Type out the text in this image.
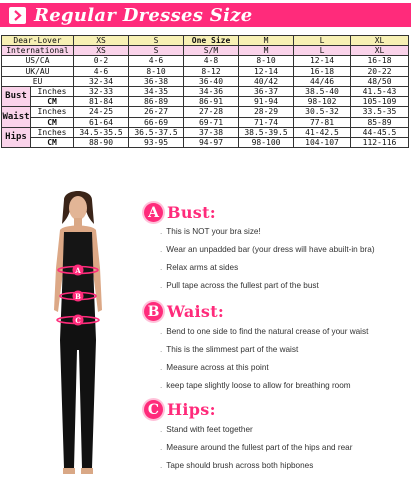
Regular Dresses Size
Dear-Lover		XS	S	One Size	M	L	XL
International		XS	S	S/M	M	L	XL
US/CA		0-2	4-6	4-8	8-10	12-14	16-18
UK/AU		4-6	8-10	8-12	12-14	16-18	20-22
EU		32-34	36-38	36-40	40/42	44/46	48/50
Bust	Inches	32-33	34-35	34-36	36-37	38.5-40	41.5-43
	CM	81-84	86-89	86-91	91-94	98-102	105-109
Waist	Inches	24-25	26-27	27-28	28-29	30.5-32	33.5-35
	CM	61-64	66-69	69-71	71-74	77-81	85-89
Hips	Inches	34.5-35.5	36.5-37.5	37-38	38.5-39.5	41-42.5	44-45.5
	CM	88-90	93-95	94-97	98-100	104-107	112-116
A
B
C
A Bust:
. This is NOT your bra size!
. Wear an unpadded bar (your dress will have abuilt-in bra)
. Relax arms at sides
. Pull tape across the fullest part of the bust
B Waist:
. Bend to one side to find the natural crease of your waist
. This is the slimmest part of the waist
. Measure across at this point
. keep tape slightly loose to allow for breathing room
C Hips:
. Stand with feet together
. Measure around the fullest part of the hips and rear
. Tape should brush across both hipbones
